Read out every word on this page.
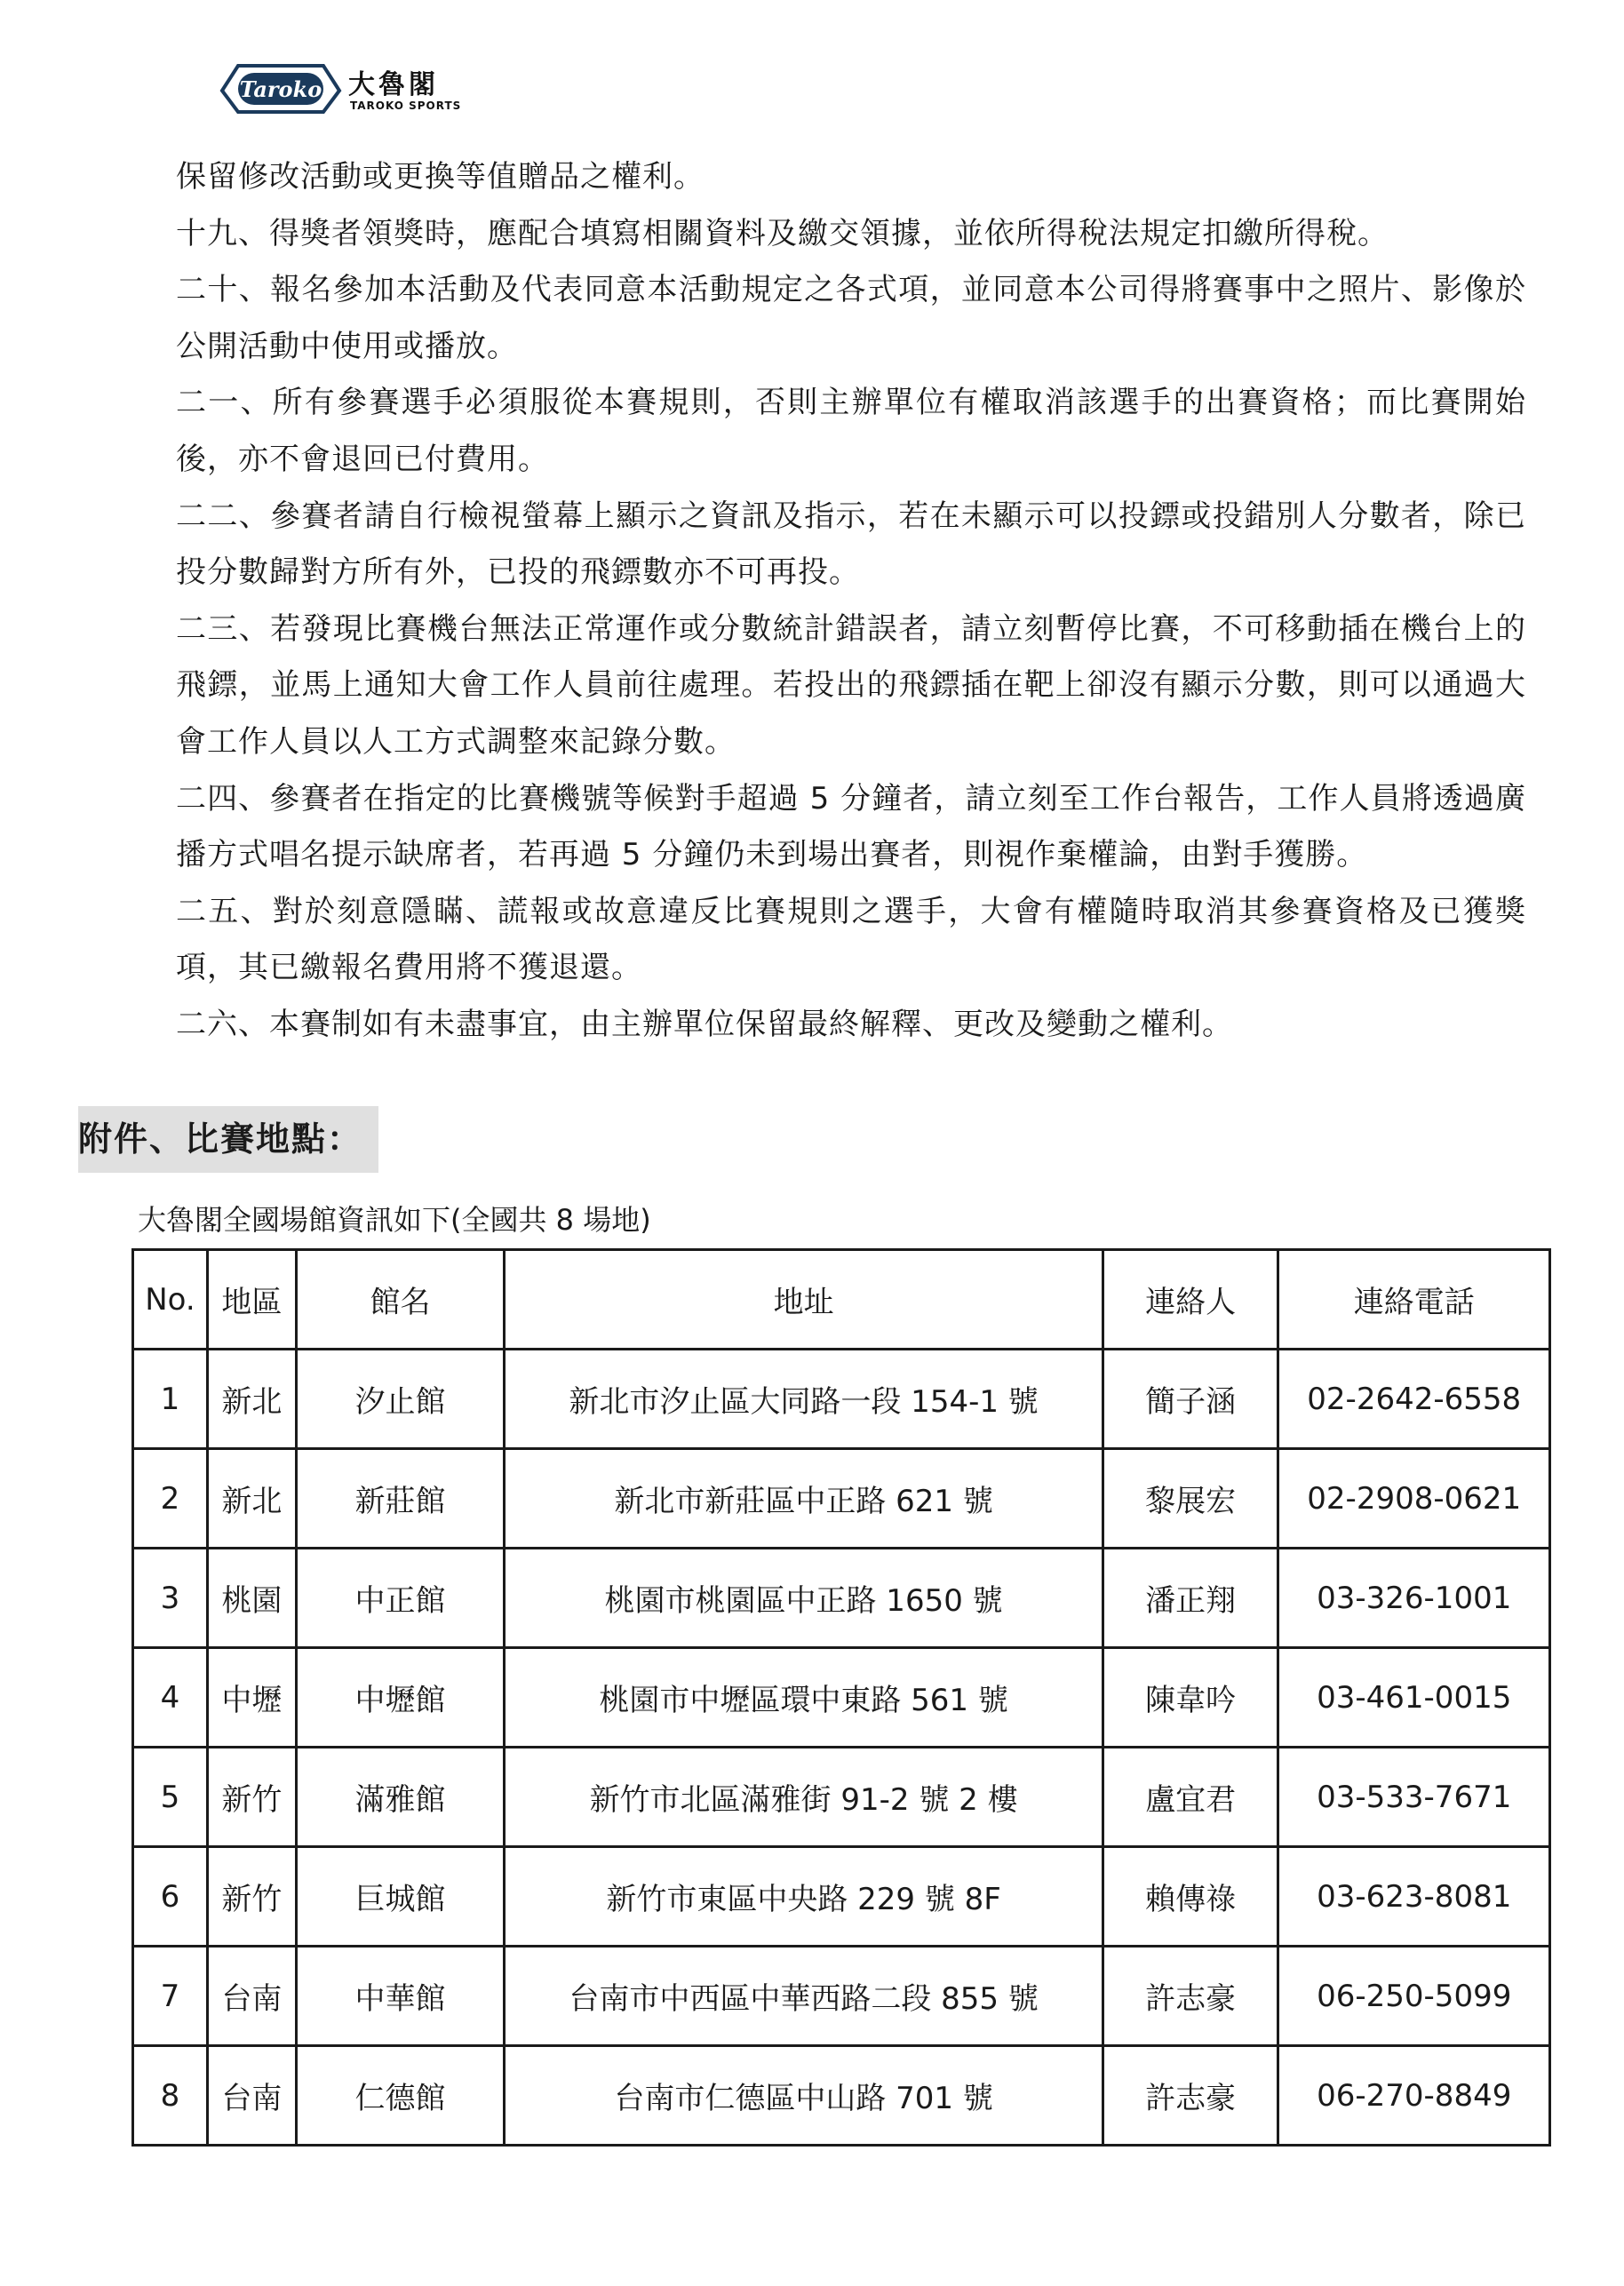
Taroko 大魯閣
TAROKO SPORTS

保留修改活動或更換等值贈品之權利。

十九、得獎者領獎時，應配合填寫相關資料及繳交領據，並依所得稅法規定扣繳所得稅。

二十、報名參加本活動及代表同意本活動規定之各式項，並同意本公司得將賽事中之照片、影像於公開活動中使用或播放。

二一、所有參賽選手必須服從本賽規則，否則主辦單位有權取消該選手的出賽資格；而比賽開始後，亦不會退回已付費用。

二二、參賽者請自行檢視螢幕上顯示之資訊及指示，若在未顯示可以投鏢或投錯別人分數者，除已投分數歸對方所有外，已投的飛鏢數亦不可再投。

二三、若發現比賽機台無法正常運作或分數統計錯誤者，請立刻暫停比賽，不可移動插在機台上的飛鏢，並馬上通知大會工作人員前往處理。若投出的飛鏢插在靶上卻沒有顯示分數，則可以通過大會工作人員以人工方式調整來記錄分數。

二四、參賽者在指定的比賽機號等候對手超過 5 分鐘者，請立刻至工作台報告，工作人員將透過廣播方式唱名提示缺席者，若再過 5 分鐘仍未到場出賽者，則視作棄權論，由對手獲勝。

二五、對於刻意隱瞞、謊報或故意違反比賽規則之選手，大會有權隨時取消其參賽資格及已獲獎項，其已繳報名費用將不獲退還。

二六、本賽制如有未盡事宜，由主辦單位保留最終解釋、更改及變動之權利。

附件、比賽地點：
大魯閣全國場館資訊如下(全國共 8 場地)
No.	地區	館名	地址	連絡人	連絡電話
1	新北	汐止館	新北市汐止區大同路一段 154-1 號	簡子涵	02-2642-6558
2	新北	新莊館	新北市新莊區中正路 621 號	黎展宏	02-2908-0621
3	桃園	中正館	桃園市桃園區中正路 1650 號	潘正翔	03-326-1001
4	中壢	中壢館	桃園市中壢區環中東路 561 號	陳韋吟	03-461-0015
5	新竹	滿雅館	新竹市北區滿雅街 91-2 號 2 樓	盧宜君	03-533-7671
6	新竹	巨城館	新竹市東區中央路 229 號 8F	賴傳祿	03-623-8081
7	台南	中華館	台南市中西區中華西路二段 855 號	許志豪	06-250-5099
8	台南	仁德館	台南市仁德區中山路 701 號	許志豪	06-270-8849
